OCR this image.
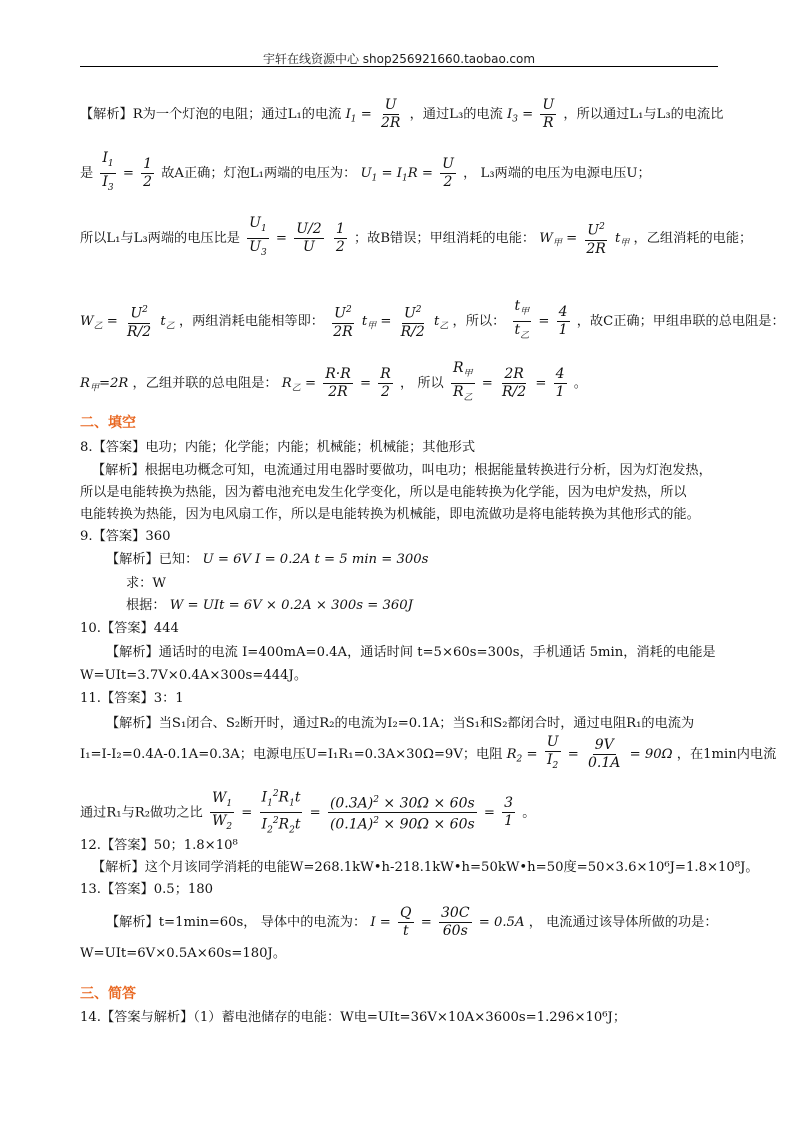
宇轩在线资源中心 shop256921660.taobao.com
【解析】R为一个灯泡的电阻；通过L₁的电流 $I_1 = \frac{U}{2R}$ ，通过L₃的电流 $I_3 = \frac{U}{R}$ ，所以通过L₁与L₃的电流比
是 $\frac{I_1}{I_3} = \frac{1}{2}$ 故A正确；灯泡L₁两端的电压为： $U_1 = I_1R = \frac{U}{2}$ ， L₃两端的电压为电源电压U；
所以L₁与L₃两端的电压比是 $\frac{U_1}{U_3} = \frac{U/2}{U}$
$\frac{1}{2}$ ；故B错误；甲组消耗的电能： $W_甲 = \frac{U^2}{2R} t_甲$ ，乙组消耗的电能；
$W_乙 = \frac{U^2}{R/2} t_乙$ ，两组消耗电能相等即： $\frac{U^2}{2R} t_甲 = \frac{U^2}{R/2} t_乙$ ，所以： $\frac{t_甲}{t_乙} = \frac{4}{1}$ ，故C正确；甲组串联的总电阻是：
$R_甲=2R$ ，乙组并联的总电阻是： $R_乙 = \frac{R\cdot R}{2R} = \frac{R}{2}$ ， 所以 $\frac{R_甲}{R_乙} = \frac{2R}{R/2} = \frac{4}{1}$ 。
二、填空
8.【答案】电功；内能；化学能；内能；机械能；机械能；其他形式
【解析】根据电功概念可知，电流通过用电器时要做功，叫电功；根据能量转换进行分析，因为灯泡发热，
所以是电能转换为热能，因为蓄电池充电发生化学变化，所以是电能转换为化学能，因为电炉发热，所以
电能转换为热能，因为电风扇工作，所以是电能转换为机械能，即电流做功是将电能转换为其他形式的能。
9.【答案】360
【解析】已知： U = 6V I = 0.2A t = 5 min = 300s
求：W
根据： W = UIt = 6V × 0.2A × 300s = 360J
10.【答案】444
【解析】通话时的电流 I=400mA=0.4A，通话时间 t=5×60s=300s，手机通话 5min，消耗的电能是
W=UIt=3.7V×0.4A×300s=444J。
11.【答案】3：1
【解析】当S₁闭合、S₂断开时，通过R₂的电流为I₂=0.1A；当S₁和S₂都闭合时，通过电阻R₁的电流为
I₁=I-I₂=0.4A-0.1A=0.3A；电源电压U=I₁R₁=0.3A×30Ω=9V；电阻 $R_2 = \frac{U}{I_2} = \frac{9V}{0.1A} = 90\Omega$ ，在1min内电流
通过R₁与R₂做功之比 $\frac{W_1}{W_2} = \frac{I_1^2R_1t}{I_2^2R_2t} = \frac{(0.3A)^2 \times 30\Omega \times 60s}{(0.1A)^2 \times 90\Omega \times 60s} = \frac{3}{1}$ 。
12.【答案】50；1.8×10⁸
【解析】这个月该同学消耗的电能W=268.1kW•h-218.1kW•h=50kW•h=50度=50×3.6×10⁶J=1.8×10⁸J。
13.【答案】0.5；180
【解析】t=1min=60s， 导体中的电流为： $I = \frac{Q}{t} = \frac{30C}{60s} = 0.5A$ ， 电流通过该导体所做的功是：
W=UIt=6V×0.5A×60s=180J。
三、简答
14.【答案与解析】（1）蓄电池储存的电能：W电=UIt=36V×10A×3600s=1.296×10⁶J；
